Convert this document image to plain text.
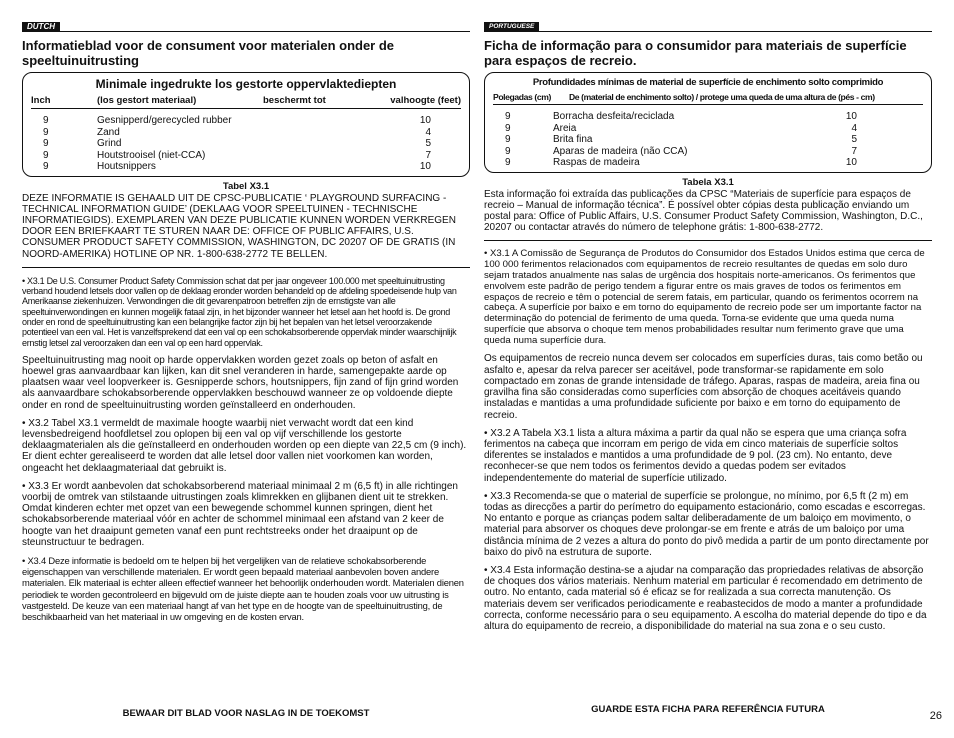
DUTCH
Informatieblad voor de consument voor materialen onder de speeltuinuitrusting
Minimale ingedrukte los gestorte oppervlaktediepten
Inch	(los gestort materiaal)	beschermt tot	valhoogte (feet)
9	Gesnipperd/gerecycled rubber	10
9	Zand	4
9	Grind	5
9	Houtstrooisel (niet-CCA)	7
9	Houtsnippers	10
Tabel X3.1
DEZE INFORMATIE IS GEHAALD UIT DE CPSC-PUBLICATIE ‘ PLAYGROUND SURFACING - TECHNICAL INFORMATION GUIDE’ (DEKLAAG VOOR SPEELTUINEN - TECHNISCHE INFORMATIEGIDS). EXEMPLAREN VAN DEZE PUBLICATIE KUNNEN WORDEN VERKREGEN DOOR EEN BRIEFKAART TE STUREN NAAR DE: OFFICE OF PUBLIC AFFAIRS, U.S. CONSUMER PRODUCT SAFETY COMMISSION, WASHINGTON, DC 20207 OF DE GRATIS (IN NOORD-AMERIKA) HOTLINE OP NR. 1-800-638-2772 TE BELLEN.
• X3.1 De U.S. Consumer Product Safety Commission schat dat per jaar ongeveer 100.000 met speeltuinuitrusting verband houdend letsels door vallen op de deklaag eronder worden behandeld op de afdeling spoedeisende hulp van Amerikaanse ziekenhuizen. Verwondingen die dit gevarenpatroon betreffen zijn de ernstigste van alle speeltuinverwondingen en kunnen mogelijk fataal zijn, in het bijzonder wanneer het letsel aan het hoofd is. De grond onder en rond de speeltuinuitrusting kan een belangrijke factor zijn bij het bepalen van het letsel veroorzakende potentieel van een val. Het is vanzelfsprekend dat een val op een schokabsorberende oppervlak minder waarschijnlijk ernstig letsel zal veroorzaken dan een val op een hard oppervlak.
Speeltuinuitrusting mag nooit op harde oppervlakken worden gezet zoals op beton of asfalt en hoewel gras aanvaardbaar kan lijken, kan dit snel veranderen in harde, samengepakte aarde op plaatsen waar veel loopverkeer is. Gesnipperde schors, houtsnippers, fijn zand of fijn grind worden als aanvaardbare schokabsorberende oppervlakken beschouwd wanneer ze op voldoende diepte onder en rond de speeltuinuitrusting worden geïnstalleerd en onderhouden.
• X3.2 Tabel X3.1 vermeldt de maximale hoogte waarbij niet verwacht wordt dat een kind levensbedreigend hoofdletsel zou oplopen bij een val op vijf verschillende los gestorte deklaagmaterialen als die geïnstalleerd en onderhouden worden op een diepte van 22,5 cm (9 inch). Er dient echter gerealiseerd te worden dat alle letsel door vallen niet voorkomen kan worden, ongeacht het deklaagmateriaal dat gebruikt is.
• X3.3 Er wordt aanbevolen dat schokabsorberend materiaal minimaal 2 m (6,5 ft) in alle richtingen voorbij de omtrek van stilstaande uitrustingen zoals klimrekken en glijbanen dient uit te strekken. Omdat kinderen echter met opzet van een bewegende schommel kunnen springen, dient het schokabsorberende materiaal vóór en achter de schommel minimaal een afstand van 2 keer de hoogte van het draaipunt gemeten vanaf een punt rechtstreeks onder het draaipunt op de steunstructuur te bedragen.
• X3.4 Deze informatie is bedoeld om te helpen bij het vergelijken van de relatieve schokabsorberende eigenschappen van verschillende materialen. Er wordt geen bepaald materiaal aanbevolen boven andere materialen. Elk materiaal is echter alleen effectief wanneer het behoorlijk onderhouden wordt. Materialen dienen periodiek te worden gecontroleerd en bijgevuld om de juiste diepte aan te houden zoals voor uw uitrusting is vastgesteld. De keuze van een materiaal hangt af van het type en de hoogte van de speeltuinuitrusting, de beschikbaarheid van het materiaal in uw omgeving en de kosten ervan.
BEWAAR DIT BLAD VOOR NASLAG IN DE TOEKOMST
PORTUGUESE
Ficha de informação para o consumidor para materiais de superfície para espaços de recreio.
Profundidades mínimas de material de superfície de enchimento solto comprimido
Polegadas (cm)	De (material de enchimento solto) / protege uma queda de uma altura de (pés - cm)
9	Borracha desfeita/reciclada	10
9	Areia	4
9	Brita fina	5
9	Aparas de madeira (não CCA)	7
9	Raspas de madeira	10
Tabela X3.1
Esta informação foi extraída das publicações da CPSC “Materiais de superfície para espaços de recreio – Manual de informação técnica”. É possível obter cópias desta publicação enviando um postal para: Office of Public Affairs, U.S. Consumer Product Safety Commission, Washington, D.C., 20207 ou contactar através do número de telephone grátis: 1-800-638-2772.
• X3.1 A Comissão de Segurança de Produtos do Consumidor dos Estados Unidos estima que cerca de 100 000 ferimentos relacionados com equipamentos de recreio resultantes de quedas em solo duro sejam tratados anualmente nas salas de urgência dos hospitais norte-americanos. Os ferimentos que envolvem este padrão de perigo tendem a figurar entre os mais graves de todos os ferimentos em espaços de recreio e têm o potencial de serem fatais, em particular, quando os ferimentos ocorrem na cabeça. A superfície por baixo e em torno do equipamento de recreio pode ser um importante factor na determinação do potencial de ferimento de uma queda. Torna-se evidente que uma queda numa superfície que absorva o choque tem menos probabilidades resultar num ferimento grave que uma queda numa superfície dura.
Os equipamentos de recreio nunca devem ser colocados em superfícies duras, tais como betão ou asfalto e, apesar da relva parecer ser aceitável, pode transformar-se rapidamente em solo compactado em zonas de grande intensidade de tráfego. Aparas, raspas de madeira, areia fina ou gravilha fina são consideradas como superfícies com absorção de choques aceitáveis quando instaladas e mantidas a uma profundidade suficiente por baixo e em torno do equipamento de recreio.
• X3.2 A Tabela X3.1 lista a altura máxima a partir da qual não se espera que uma criança sofra ferimentos na cabeça que incorram em perigo de vida em cinco materiais de superfície soltos diferentes se instalados e mantidos a uma profundidade de 9 pol. (23 cm). No entanto, deve reconhecer-se que nem todos os ferimentos devido a quedas podem ser evitados independentemente do material de superfície utilizado.
• X3.3 Recomenda-se que o material de superfície se prolongue, no mínimo, por 6,5 ft (2 m) em todas as direcções a partir do perímetro do equipamento estacionário, como escadas e escorregas. No entanto e porque as crianças podem saltar deliberadamente de um baloiço em movimento, o material para absorver os choques deve prolongar-se em frente e atrás de um baloiço por uma distância mínima de 2 vezes a altura do ponto do pivô medida a partir de um ponto directamente por baixo do pivô na estrutura de suporte.
• X3.4 Esta informação destina-se a ajudar na comparação das propriedades relativas de absorção de choques dos vários materiais. Nenhum material em particular é recomendado em detrimento de outro. No entanto, cada material só é eficaz se for realizada a sua correcta manutenção. Os materiais devem ser verificados periodicamente e reabastecidos de modo a manter a profundidade correcta, conforme necessário para o seu equipamento. A escolha do material depende do tipo e da altura do equipamento de recreio, a disponibilidade do material na sua zona e o seu custo.
GUARDE ESTA FICHA PARA REFERÊNCIA FUTURA
26
